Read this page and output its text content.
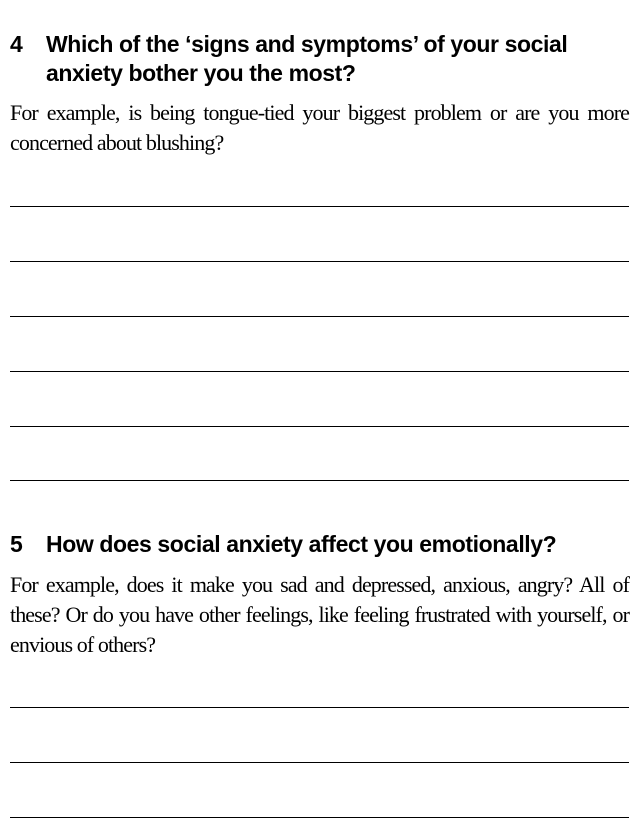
4	Which of the ‘signs and symptoms’ of your social anxiety bother you the most?

For example, is being tongue-tied your biggest problem or are you more concerned about blushing?

5	How does social anxiety affect you emotionally?

For example, does it make you sad and depressed, anxious, angry? All of these? Or do you have other feelings, like feeling frustrated with yourself, or envious of others?
